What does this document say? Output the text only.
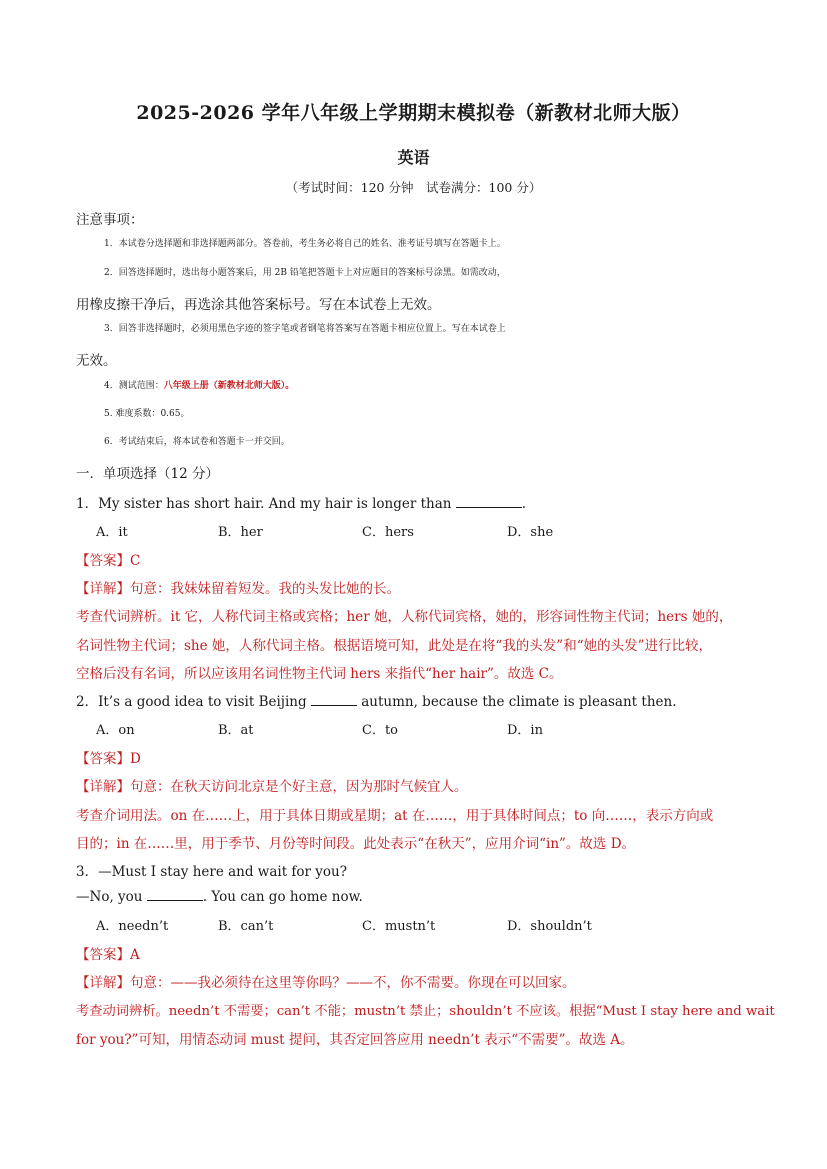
2025-2026 学年八年级上学期期末模拟卷（新教材北师大版）
英语
（考试时间：120 分钟　试卷满分：100 分）
注意事项：
1．本试卷分选择题和非选择题两部分。答卷前，考生务必将自己的姓名、准考证号填写在答题卡上。
2．回答选择题时，选出每小题答案后，用 2B 铅笔把答题卡上对应题目的答案标号涂黑。如需改动，
用橡皮擦干净后，再选涂其他答案标号。写在本试卷上无效。
3．回答非选择题时，必须用黑色字迹的签字笔或者钢笔将答案写在答题卡相应位置上。写在本试卷上
无效。
4．测试范围：八年级上册（新教材北师大版）。
5. 难度系数：0.65。
6．考试结束后，将本试卷和答题卡一并交回。
一．单项选择（12 分）
1．My sister has short hair. And my hair is longer than	.
A．it	B．her	C．hers	D．she
【答案】C
【详解】句意：我妹妹留着短发。我的头发比她的长。
考查代词辨析。it 它，人称代词主格或宾格；her 她，人称代词宾格，她的，形容词性物主代词；hers 她的，
名词性物主代词；she 她，人称代词主格。根据语境可知，此处是在将“我的头发”和“她的头发”进行比较，
空格后没有名词，所以应该用名词性物主代词 hers 来指代“her hair”。故选 C。
2．It’s a good idea to visit Beijing	autumn, because the climate is pleasant then.
A．on	B．at	C．to	D．in
【答案】D
【详解】句意：在秋天访问北京是个好主意，因为那时气候宜人。
考查介词用法。on 在……上，用于具体日期或星期；at 在……，用于具体时间点；to 向……，表示方向或
目的；in 在……里，用于季节、月份等时间段。此处表示“在秋天”，应用介词“in”。故选 D。
3．—Must I stay here and wait for you?
—No, you	. You can go home now.
A．needn’t	B．can’t	C．mustn’t	D．shouldn’t
【答案】A
【详解】句意：——我必须待在这里等你吗？——不，你不需要。你现在可以回家。
考查动词辨析。needn’t 不需要；can’t 不能；mustn’t 禁止；shouldn’t 不应该。根据“Must I stay here and wait
for you?”可知，用情态动词 must 提问，其否定回答应用 needn’t 表示“不需要”。故选 A。
